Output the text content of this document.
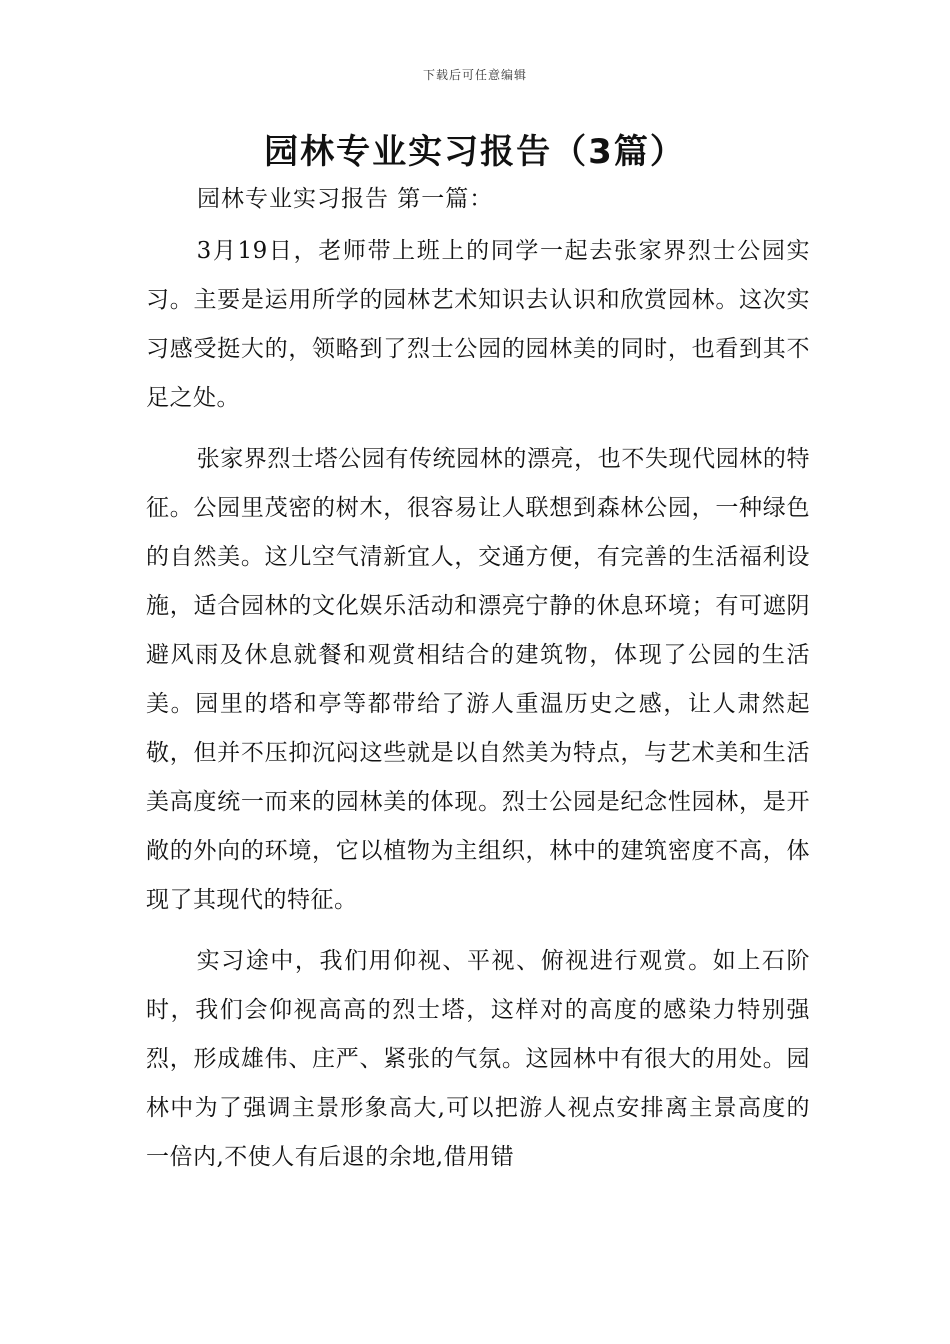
下载后可任意编辑
园林专业实习报告（3篇）
园林专业实习报告 第一篇：

3月19日，老师带上班上的同学一起去张家界烈士公园实习。主要是运用所学的园林艺术知识去认识和欣赏园林。这次实习感受挺大的，领略到了烈士公园的园林美的同时，也看到其不足之处。

张家界烈士塔公园有传统园林的漂亮，也不失现代园林的特征。公园里茂密的树木，很容易让人联想到森林公园，一种绿色的自然美。这儿空气清新宜人，交通方便，有完善的生活福利设施，适合园林的文化娱乐活动和漂亮宁静的休息环境；有可遮阴避风雨及休息就餐和观赏相结合的建筑物，体现了公园的生活美。园里的塔和亭等都带给了游人重温历史之感，让人肃然起敬，但并不压抑沉闷这些就是以自然美为特点，与艺术美和生活美高度统一而来的园林美的体现。烈士公园是纪念性园林，是开敞的外向的环境，它以植物为主组织，林中的建筑密度不高，体现了其现代的特征。

实习途中，我们用仰视、平视、俯视进行观赏。如上石阶时，我们会仰视高高的烈士塔，这样对的高度的感染力特别强烈，形成雄伟、庄严、紧张的气氛。这园林中有很大的用处。园林中为了强调主景形象高大,可以把游人视点安排离主景高度的一倍内,不使人有后退的余地,借用错
